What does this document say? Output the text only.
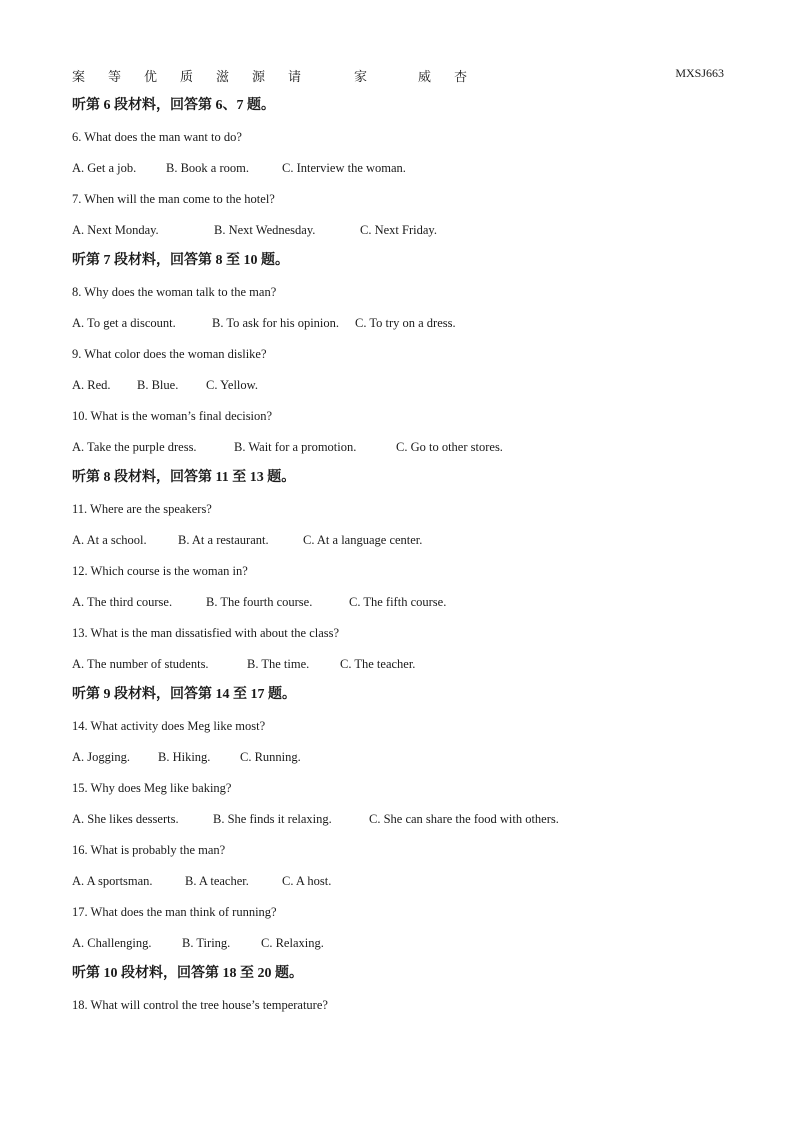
案 等 优 质 滋 源 请	家	威 杏	MXSJ663
听第 6 段材料，回答第 6、7 题。
6. What does the man want to do?
A. Get a job. B. Book a room.	C. Interview the woman.
7. When will the man come to the hotel?
A. Next Monday.	B. Next Wednesday.	C. Next Friday.
听第 7 段材料，回答第 8 至 10 题。
8. Why does the woman talk to the man?
A. To get a discount.	B. To ask for his opinion. C. To try on a dress.
9. What color does the woman dislike?
A. Red. B. Blue. C. Yellow.
10. What is the woman’s final decision?
A. Take the purple dress.	B. Wait for a promotion.	C. Go to other stores.
听第 8 段材料，回答第 11 至 13 题。
11. Where are the speakers?
A. At a school.	B. At a restaurant.	C. At a language center.
12. Which course is the woman in?
A. The third course.	B. The fourth course.	C. The fifth course.
13. What is the man dissatisfied with about the class?
A. The number of students.	B. The time. C. The teacher.
听第 9 段材料，回答第 14 至 17 题。
14. What activity does Meg like most?
A. Jogging. B. Hiking. C. Running.
15. Why does Meg like baking?
A. She likes desserts.	B. She finds it relaxing.	C. She can share the food with others.
16. What is probably the man?
A. A sportsman.	B. A teacher.	C. A host.
17. What does the man think of running?
A. Challenging. B. Tiring. C. Relaxing.
听第 10 段材料，回答第 18 至 20 题。
18. What will control the tree house’s temperature?
